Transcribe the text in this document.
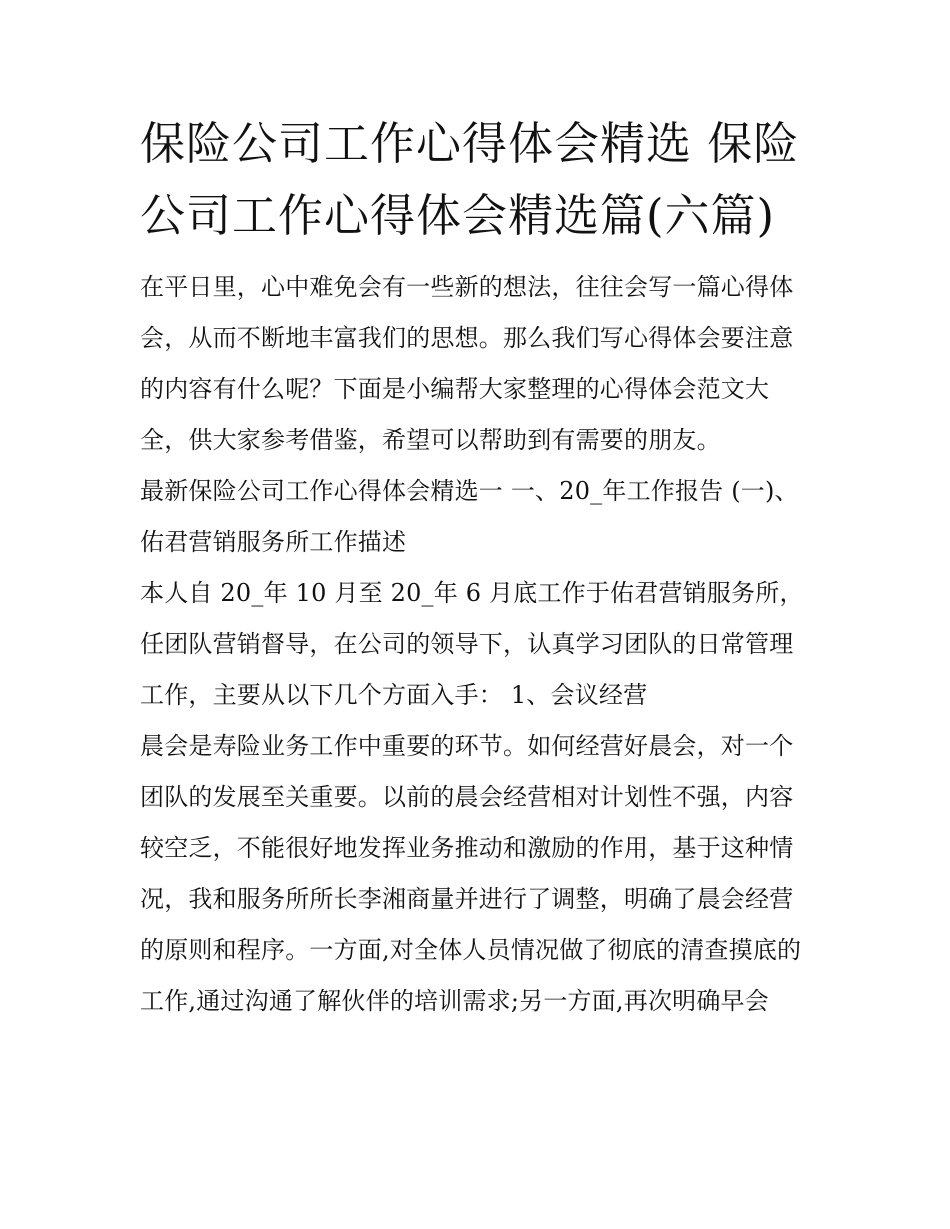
保险公司工作心得体会精选 保险公司工作心得体会精选篇(六篇)

在平日里，心中难免会有一些新的想法，往往会写一篇心得体会，从而不断地丰富我们的思想。那么我们写心得体会要注意的内容有什么呢？下面是小编帮大家整理的心得体会范文大全，供大家参考借鉴，希望可以帮助到有需要的朋友。

最新保险公司工作心得体会精选一 一、20_年工作报告 (一)、佑君营销服务所工作描述

本人自 20_年 10 月至 20_年 6 月底工作于佑君营销服务所，任团队营销督导，在公司的领导下，认真学习团队的日常管理工作，主要从以下几个方面入手： 1、会议经营

晨会是寿险业务工作中重要的环节。如何经营好晨会，对一个团队的发展至关重要。以前的晨会经营相对计划性不强，内容较空乏，不能很好地发挥业务推动和激励的作用，基于这种情况，我和服务所所长李湘商量并进行了调整，明确了晨会经营的原则和程序。一方面,对全体人员情况做了彻底的清查摸底的工作,通过沟通了解伙伴的培训需求;另一方面,再次明确早会
